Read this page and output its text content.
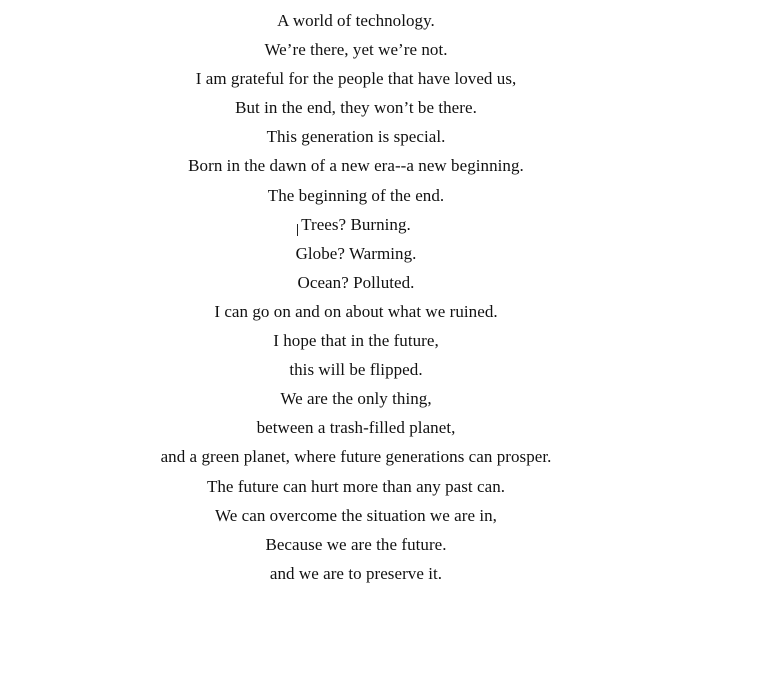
A world of technology.
We’re there, yet we’re not.
I am grateful for the people that have loved us,
But in the end, they won’t be there.
This generation is special.
Born in the dawn of a new era--a new beginning.
The beginning of the end.
Trees? Burning.
Globe? Warming.
Ocean? Polluted.
I can go on and on about what we ruined.
I hope that in the future,
this will be flipped.
We are the only thing,
between a trash-filled planet,
and a green planet, where future generations can prosper.
The future can hurt more than any past can.
We can overcome the situation we are in,
Because we are the future.
and we are to preserve it.
